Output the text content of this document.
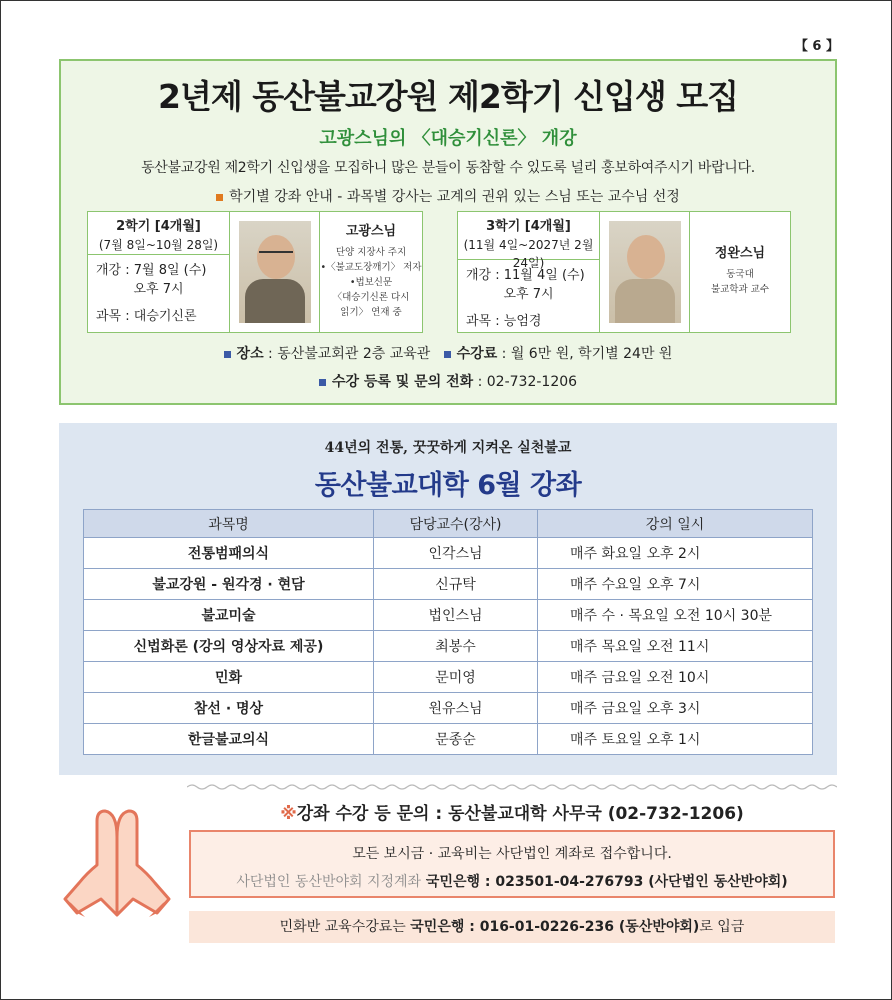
【 6 】
2년제 동산불교강원 제2학기 신입생 모집
고광스님의 〈대승기신론〉 개강
동산불교강원 제2학기 신입생을 모집하니 많은 분들이 동참할 수 있도록 널리 홍보하여주시기 바랍니다.
학기별 강좌 안내 - 과목별 강사는 교계의 권위 있는 스님 또는 교수님 선정
2학기 [4개월]
(7월 8일~10월 28일)
개강 : 7월 8일 (수)
오후 7시
과목 : 대승기신론
고광스님
단양 지장사 주지
•〈불교도장깨기〉 저자
•법보신문
〈대승기신론 다시
읽기〉 연재 중
3학기 [4개월]
(11월 4일~2027년 2월 24일)
개강 : 11월 4일 (수)
오후 7시
과목 : 능엄경
정완스님
동국대
불교학과 교수
장소 : 동산불교회관 2층 교육관 수강료 : 월 6만 원, 학기별 24만 원
수강 등록 및 문의 전화 : 02-732-1206
44년의 전통, 꿋꿋하게 지켜온 실천불교
동산불교대학 6월 강좌
과목명	담당교수(강사)	강의 일시
전통범패의식	인각스님	매주 화요일 오후 2시
불교강원 - 원각경 · 현담	신규탁	매주 수요일 오후 7시
불교미술	법인스님	매주 수 · 목요일 오전 10시 30분
신법화론 (강의 영상자료 제공)	최봉수	매주 목요일 오전 11시
민화	문미영	매주 금요일 오전 10시
참선 · 명상	원유스님	매주 금요일 오후 3시
한글불교의식	문종순	매주 토요일 오후 1시
※강좌 수강 등 문의 : 동산불교대학 사무국 (02-732-1206)
모든 보시금 · 교육비는 사단법인 계좌로 접수합니다.
사단법인 동산반야회 지정계좌 국민은행 : 023501-04-276793 (사단법인 동산반야회)
민화반 교육수강료는 국민은행 : 016-01-0226-236 (동산반야회)로 입금
